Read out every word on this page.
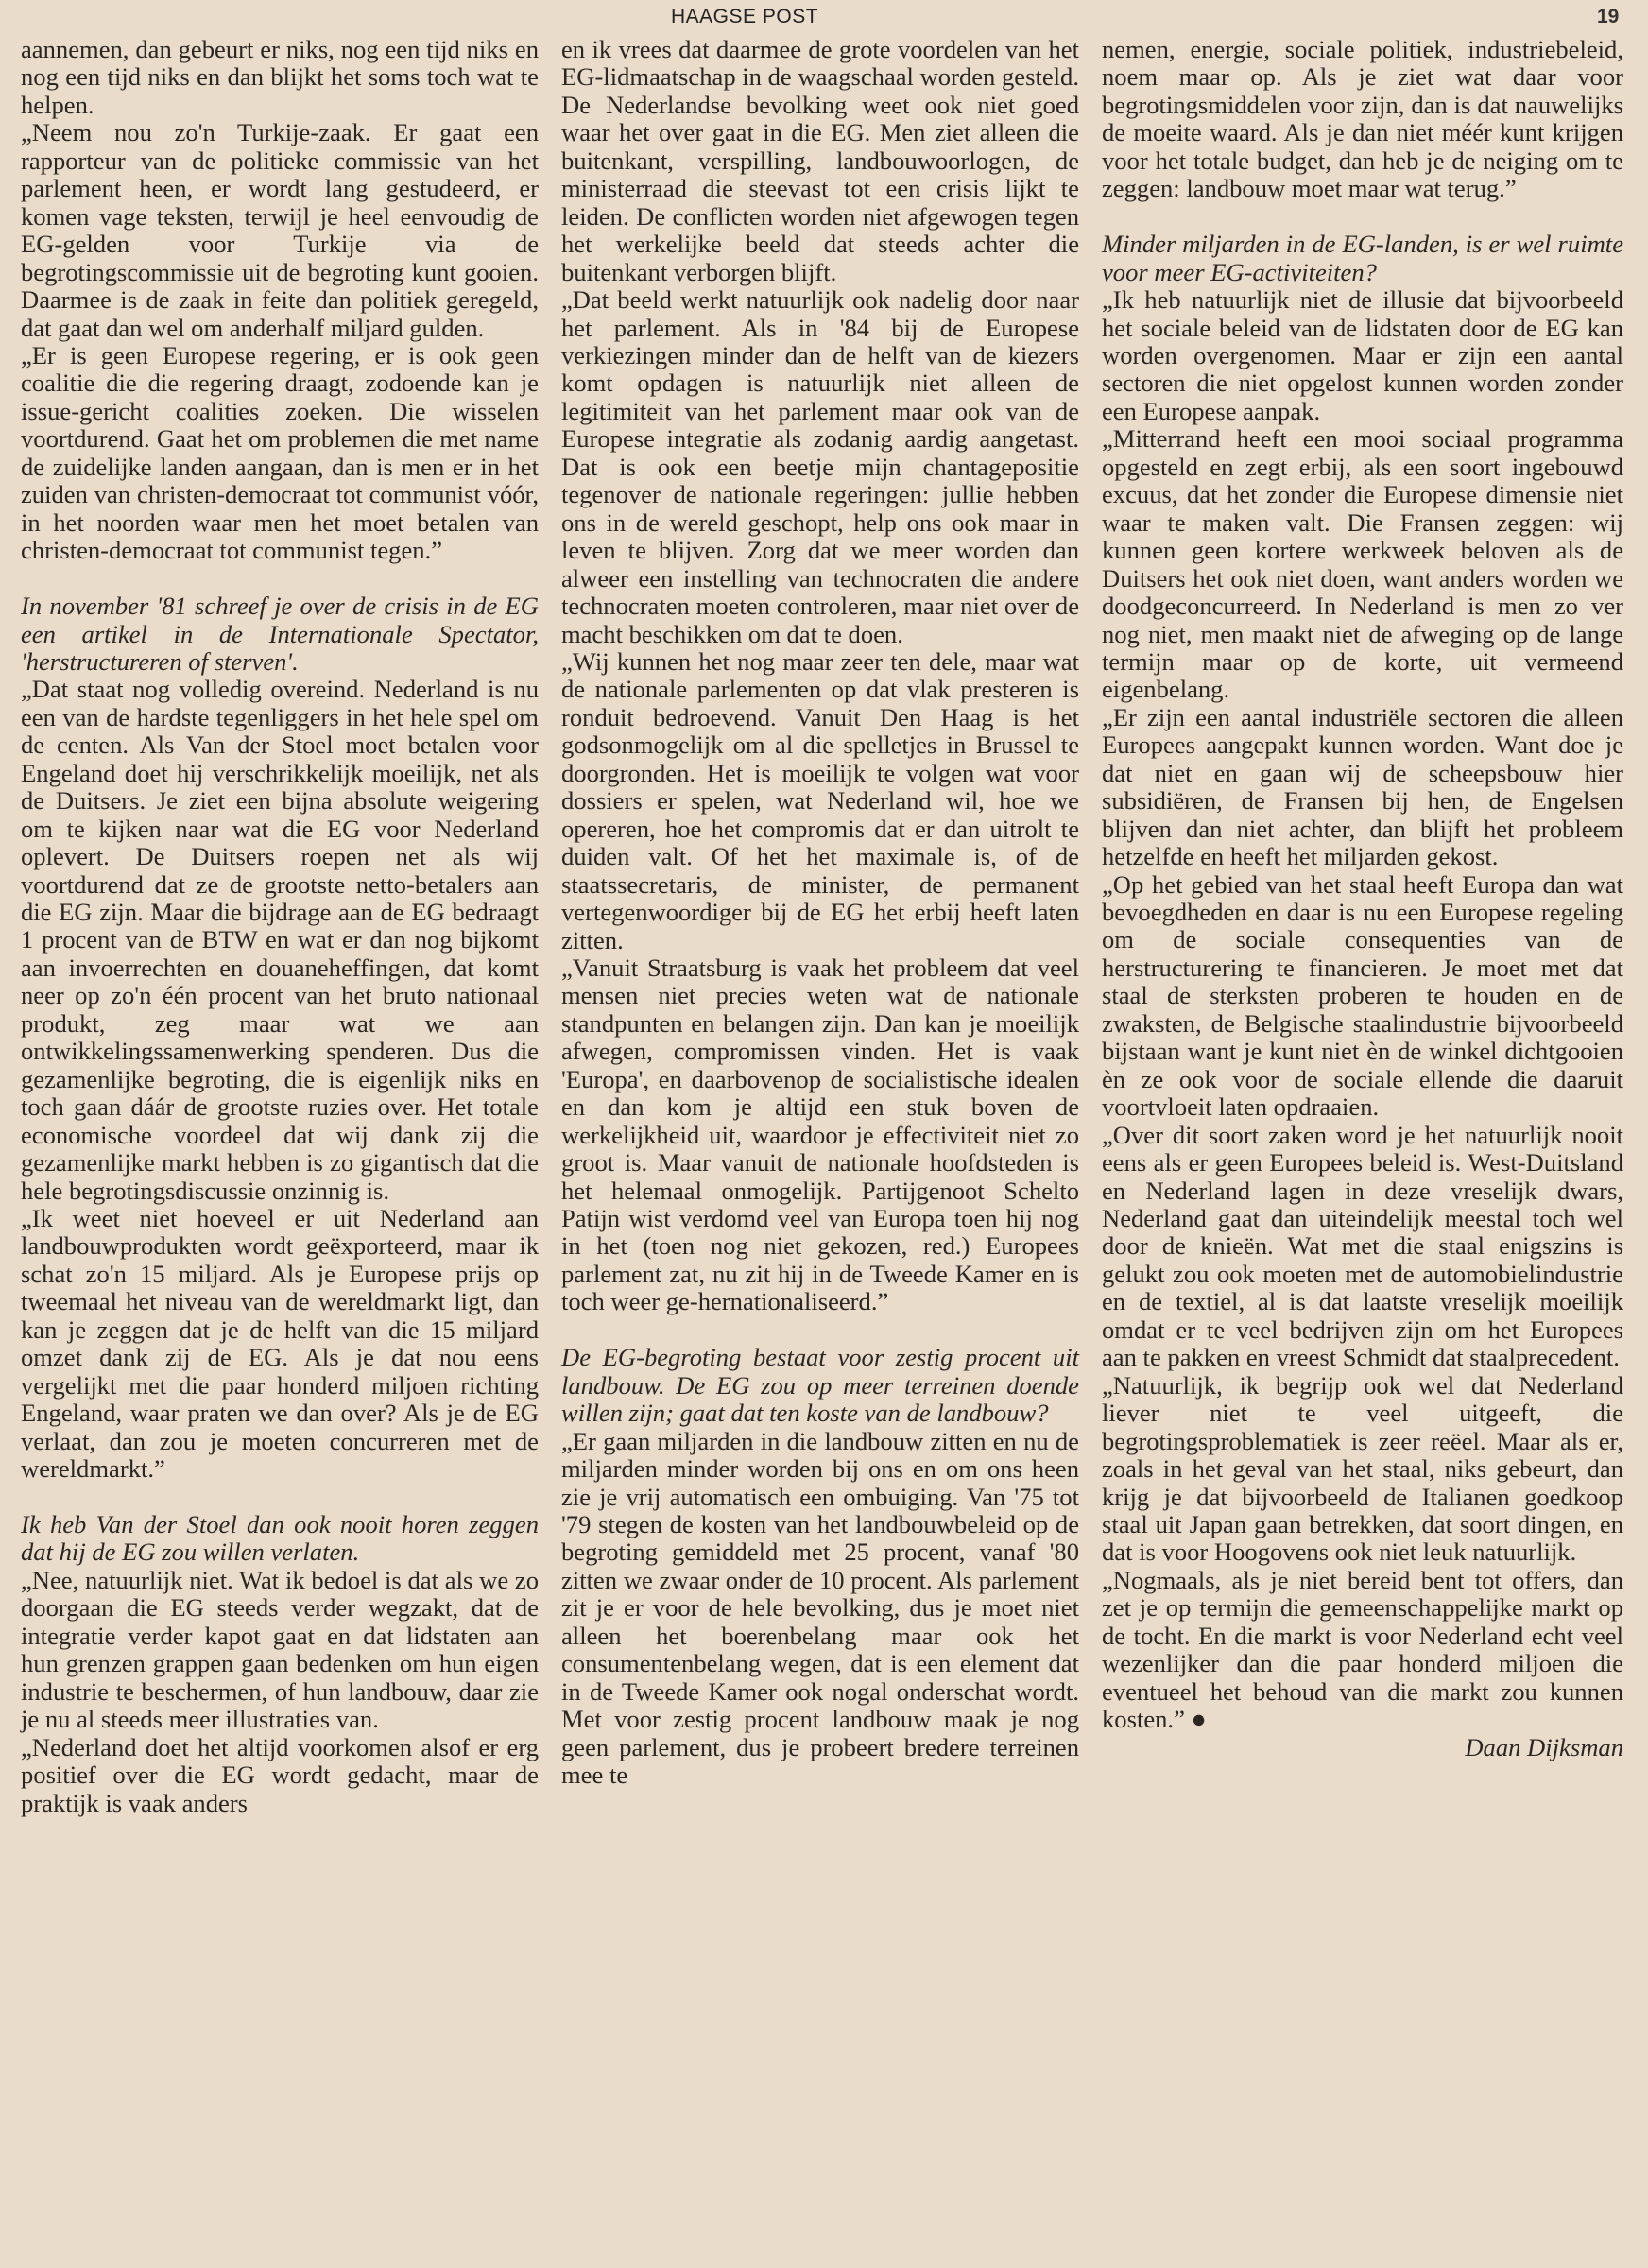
HAAGSE POST	19

aannemen, dan gebeurt er niks, nog een tijd niks en nog een tijd niks en dan blijkt het soms toch wat te helpen.

„Neem nou zo'n Turkije-zaak. Er gaat een rapporteur van de politieke commissie van het parlement heen, er wordt lang gestudeerd, er komen vage teksten, terwijl je heel eenvoudig de EG-gelden voor Turkije via de begrotingscommissie uit de begroting kunt gooien. Daarmee is de zaak in feite dan politiek geregeld, dat gaat dan wel om anderhalf miljard gulden.

„Er is geen Europese regering, er is ook geen coalitie die die regering draagt, zodoende kan je issue-gericht coalities zoeken. Die wisselen voortdurend. Gaat het om problemen die met name de zuidelijke landen aangaan, dan is men er in het zuiden van christen-democraat tot communist vóór, in het noorden waar men het moet betalen van christen-democraat tot communist tegen.”

In november '81 schreef je over de crisis in de EG een artikel in de Internationale Spectator, 'herstructureren of sterven'.

„Dat staat nog volledig overeind. Nederland is nu een van de hardste tegenliggers in het hele spel om de centen. Als Van der Stoel moet betalen voor Engeland doet hij verschrikkelijk moeilijk, net als de Duitsers. Je ziet een bijna absolute weigering om te kijken naar wat die EG voor Nederland oplevert. De Duitsers roepen net als wij voortdurend dat ze de grootste netto-betalers aan die EG zijn. Maar die bijdrage aan de EG bedraagt 1 procent van de BTW en wat er dan nog bijkomt aan invoerrechten en douaneheffingen, dat komt neer op zo'n één procent van het bruto nationaal produkt, zeg maar wat we aan ontwikkelingssamenwerking spenderen. Dus die gezamenlijke begroting, die is eigenlijk niks en toch gaan dáár de grootste ruzies over. Het totale economische voordeel dat wij dank zij die gezamenlijke markt hebben is zo gigantisch dat die hele begrotingsdiscussie onzinnig is.

„Ik weet niet hoeveel er uit Nederland aan landbouwprodukten wordt geëxporteerd, maar ik schat zo'n 15 miljard. Als je Europese prijs op tweemaal het niveau van de wereldmarkt ligt, dan kan je zeggen dat je de helft van die 15 miljard omzet dank zij de EG. Als je dat nou eens vergelijkt met die paar honderd miljoen richting Engeland, waar praten we dan over? Als je de EG verlaat, dan zou je moeten concurreren met de wereldmarkt.”

Ik heb Van der Stoel dan ook nooit horen zeggen dat hij de EG zou willen verlaten.

„Nee, natuurlijk niet. Wat ik bedoel is dat als we zo doorgaan die EG steeds verder wegzakt, dat de integratie verder kapot gaat en dat lidstaten aan hun grenzen grappen gaan bedenken om hun eigen industrie te beschermen, of hun landbouw, daar zie je nu al steeds meer illustraties van.

„Nederland doet het altijd voorkomen alsof er erg positief over die EG wordt gedacht, maar de praktijk is vaak anders

en ik vrees dat daarmee de grote voordelen van het EG-lidmaatschap in de waagschaal worden gesteld. De Nederlandse bevolking weet ook niet goed waar het over gaat in die EG. Men ziet alleen die buitenkant, verspilling, landbouwoorlogen, de ministerraad die steevast tot een crisis lijkt te leiden. De conflicten worden niet afgewogen tegen het werkelijke beeld dat steeds achter die buitenkant verborgen blijft.

„Dat beeld werkt natuurlijk ook nadelig door naar het parlement. Als in '84 bij de Europese verkiezingen minder dan de helft van de kiezers komt opdagen is natuurlijk niet alleen de legitimiteit van het parlement maar ook van de Europese integratie als zodanig aardig aangetast. Dat is ook een beetje mijn chantagepositie tegenover de nationale regeringen: jullie hebben ons in de wereld geschopt, help ons ook maar in leven te blijven. Zorg dat we meer worden dan alweer een instelling van technocraten die andere technocraten moeten controleren, maar niet over de macht beschikken om dat te doen.

„Wij kunnen het nog maar zeer ten dele, maar wat de nationale parlementen op dat vlak presteren is ronduit bedroevend. Vanuit Den Haag is het godsonmogelijk om al die spelletjes in Brussel te doorgronden. Het is moeilijk te volgen wat voor dossiers er spelen, wat Nederland wil, hoe we opereren, hoe het compromis dat er dan uitrolt te duiden valt. Of het het maximale is, of de staatssecretaris, de minister, de permanent vertegenwoordiger bij de EG het erbij heeft laten zitten.

„Vanuit Straatsburg is vaak het probleem dat veel mensen niet precies weten wat de nationale standpunten en belangen zijn. Dan kan je moeilijk afwegen, compromissen vinden. Het is vaak 'Europa', en daarbovenop de socialistische idealen en dan kom je altijd een stuk boven de werkelijkheid uit, waardoor je effectiviteit niet zo groot is. Maar vanuit de nationale hoofdsteden is het helemaal onmogelijk. Partijgenoot Schelto Patijn wist verdomd veel van Europa toen hij nog in het (toen nog niet gekozen, red.) Europees parlement zat, nu zit hij in de Tweede Kamer en is toch weer ge-hernationaliseerd.”

De EG-begroting bestaat voor zestig procent uit landbouw. De EG zou op meer terreinen doende willen zijn; gaat dat ten koste van de landbouw?

„Er gaan miljarden in die landbouw zitten en nu de miljarden minder worden bij ons en om ons heen zie je vrij automatisch een ombuiging. Van '75 tot '79 stegen de kosten van het landbouwbeleid op de begroting gemiddeld met 25 procent, vanaf '80 zitten we zwaar onder de 10 procent. Als parlement zit je er voor de hele bevolking, dus je moet niet alleen het boerenbelang maar ook het consumentenbelang wegen, dat is een element dat in de Tweede Kamer ook nogal onderschat wordt. Met voor zestig procent landbouw maak je nog geen parlement, dus je probeert bredere terreinen mee te

nemen, energie, sociale politiek, industriebeleid, noem maar op. Als je ziet wat daar voor begrotingsmiddelen voor zijn, dan is dat nauwelijks de moeite waard. Als je dan niet méér kunt krijgen voor het totale budget, dan heb je de neiging om te zeggen: landbouw moet maar wat terug.”

Minder miljarden in de EG-landen, is er wel ruimte voor meer EG-activiteiten?

„Ik heb natuurlijk niet de illusie dat bijvoorbeeld het sociale beleid van de lidstaten door de EG kan worden overgenomen. Maar er zijn een aantal sectoren die niet opgelost kunnen worden zonder een Europese aanpak.

„Mitterrand heeft een mooi sociaal programma opgesteld en zegt erbij, als een soort ingebouwd excuus, dat het zonder die Europese dimensie niet waar te maken valt. Die Fransen zeggen: wij kunnen geen kortere werkweek beloven als de Duitsers het ook niet doen, want anders worden we doodgeconcurreerd. In Nederland is men zo ver nog niet, men maakt niet de afweging op de lange termijn maar op de korte, uit vermeend eigenbelang.

„Er zijn een aantal industriële sectoren die alleen Europees aangepakt kunnen worden. Want doe je dat niet en gaan wij de scheepsbouw hier subsidiëren, de Fransen bij hen, de Engelsen blijven dan niet achter, dan blijft het probleem hetzelfde en heeft het miljarden gekost.

„Op het gebied van het staal heeft Europa dan wat bevoegdheden en daar is nu een Europese regeling om de sociale consequenties van de herstructurering te financieren. Je moet met dat staal de sterksten proberen te houden en de zwaksten, de Belgische staalindustrie bijvoorbeeld bijstaan want je kunt niet èn de winkel dichtgooien èn ze ook voor de sociale ellende die daaruit voortvloeit laten opdraaien.

„Over dit soort zaken word je het natuurlijk nooit eens als er geen Europees beleid is. West-Duitsland en Nederland lagen in deze vreselijk dwars, Nederland gaat dan uiteindelijk meestal toch wel door de knieën. Wat met die staal enigszins is gelukt zou ook moeten met de automobielindustrie en de textiel, al is dat laatste vreselijk moeilijk omdat er te veel bedrijven zijn om het Europees aan te pakken en vreest Schmidt dat staalprecedent.

„Natuurlijk, ik begrijp ook wel dat Nederland liever niet te veel uitgeeft, die begrotingsproblematiek is zeer reëel. Maar als er, zoals in het geval van het staal, niks gebeurt, dan krijg je dat bijvoorbeeld de Italianen goedkoop staal uit Japan gaan betrekken, dat soort dingen, en dat is voor Hoogovens ook niet leuk natuurlijk.

„Nogmaals, als je niet bereid bent tot offers, dan zet je op termijn die gemeenschappelijke markt op de tocht. En die markt is voor Nederland echt veel wezenlijker dan die paar honderd miljoen die eventueel het behoud van die markt zou kunnen kosten.” ●

Daan Dijksman
